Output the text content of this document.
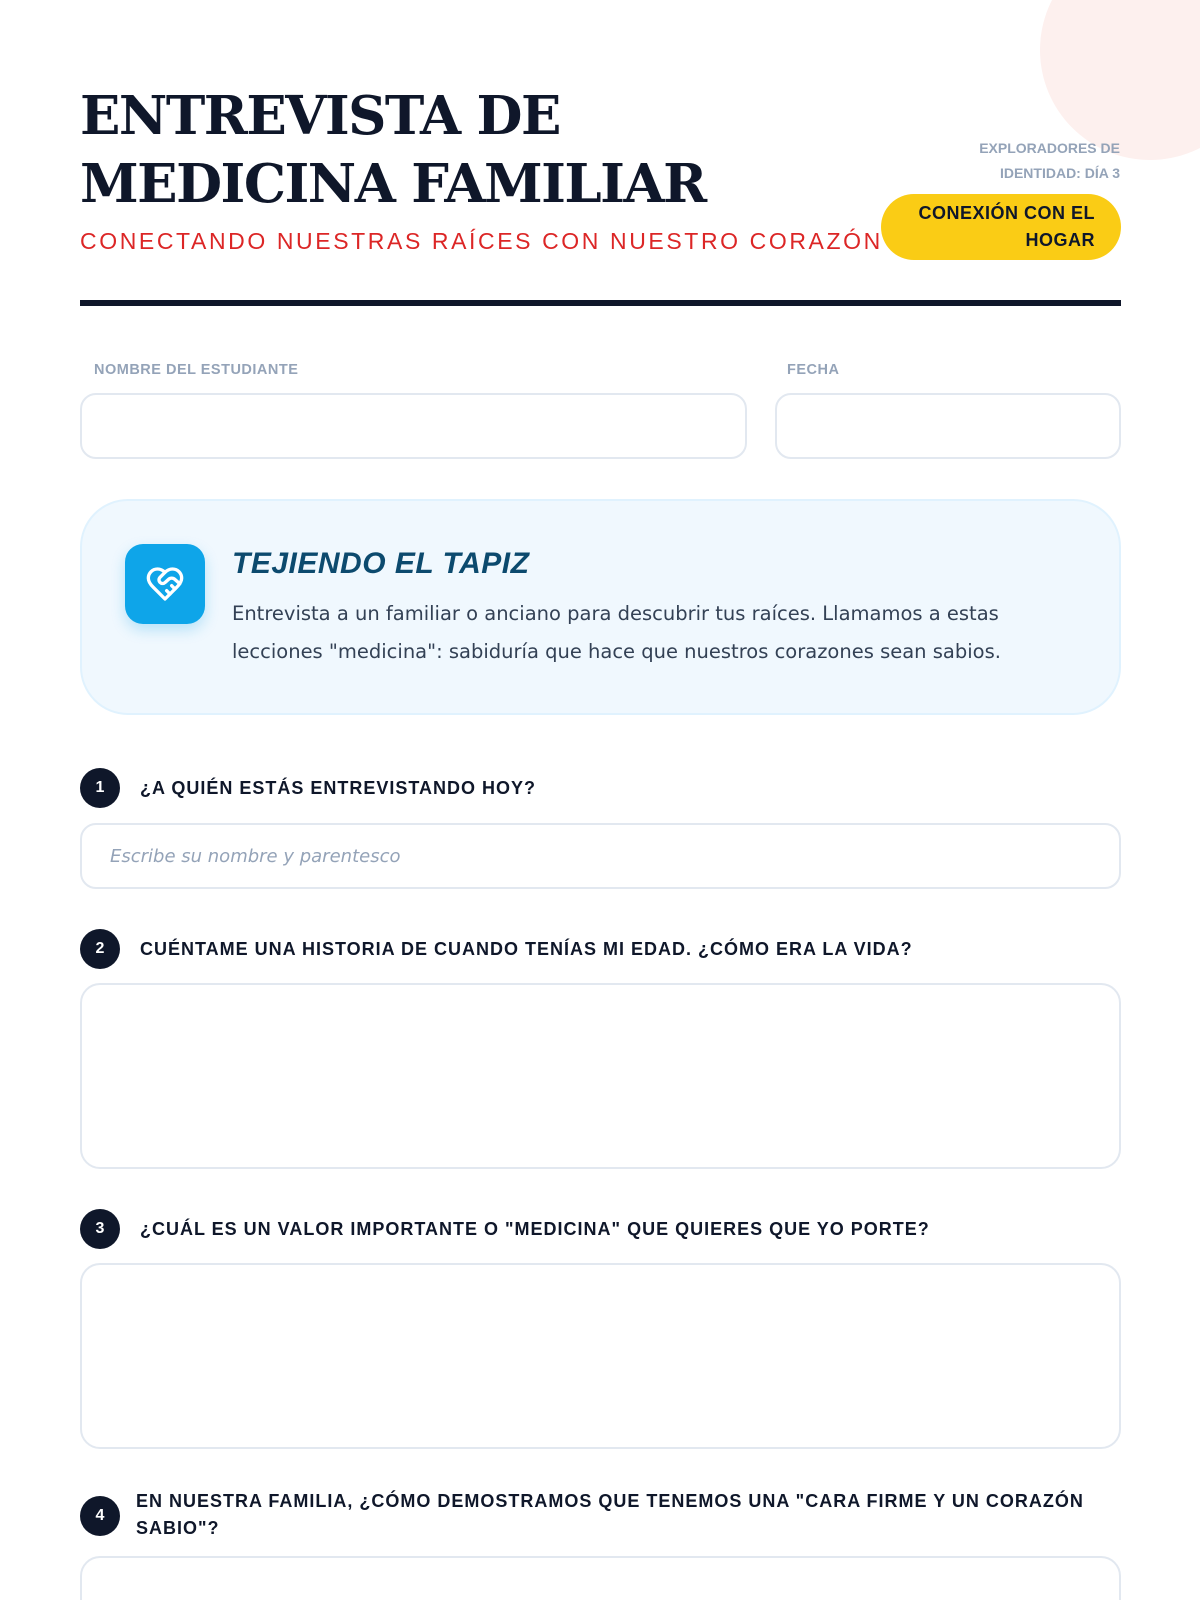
ENTREVISTA DE MEDICINA FAMILIAR
CONECTANDO NUESTRAS RAÍCES CON NUESTRO CORAZÓN
EXPLORADORES DE IDENTIDAD: DÍA 3
CONEXIÓN CON EL HOGAR
NOMBRE DEL ESTUDIANTE	FECHA
TEJIENDO EL TAPIZ

Entrevista a un familiar o anciano para descubrir tus raíces. Llamamos a estas lecciones "medicina": sabiduría que hace que nuestros corazones sean sabios.

1	¿A QUIÉN ESTÁS ENTREVISTANDO HOY?
Escribe su nombre y parentesco
2	CUÉNTAME UNA HISTORIA DE CUANDO TENÍAS MI EDAD. ¿CÓMO ERA LA VIDA?
3	¿CUÁL ES UN VALOR IMPORTANTE O "MEDICINA" QUE QUIERES QUE YO PORTE?
4
EN NUESTRA FAMILIA, ¿CÓMO DEMOSTRAMOS QUE TENEMOS UNA "CARA FIRME Y UN CORAZÓN SABIO"?
